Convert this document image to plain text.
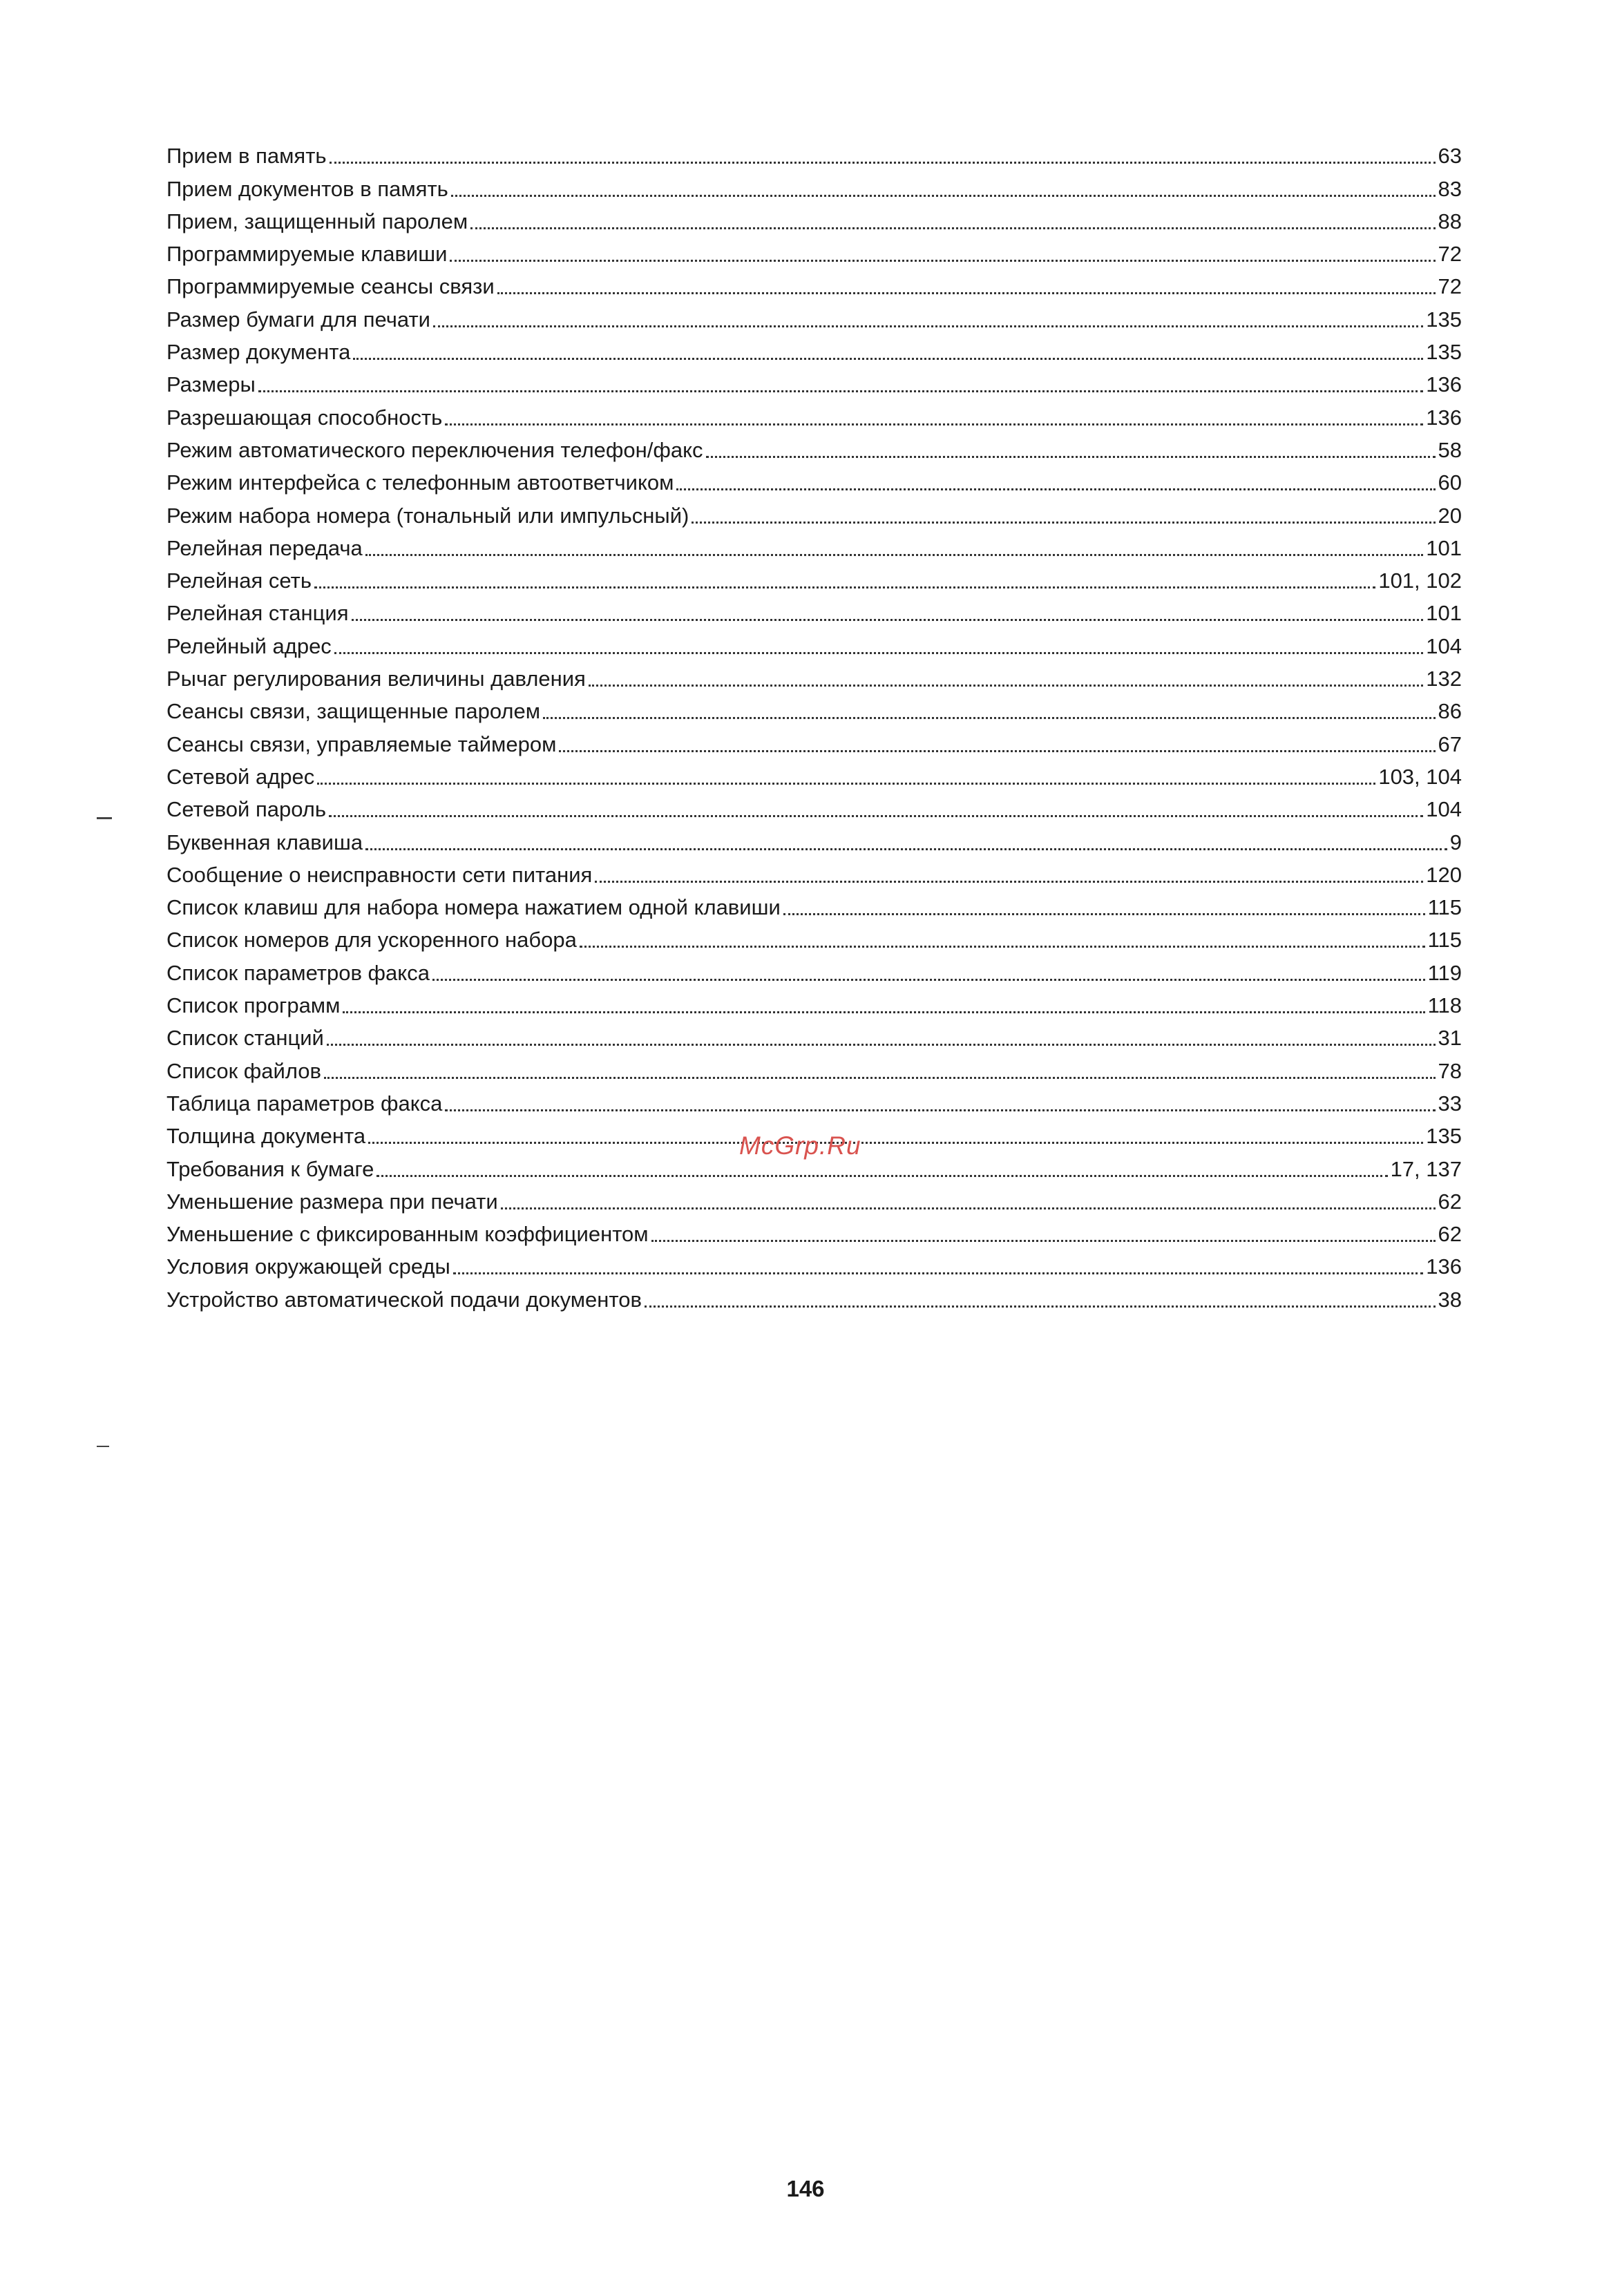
Прием в память	63
Прием документов в память	83
Прием, защищенный паролем	88
Программируемые клавиши	72
Программируемые сеансы связи	72
Размер бумаги для печати	135
Размер документа	135
Размеры	136
Разрешающая способность	136
Режим автоматического переключения телефон/факс	58
Режим интерфейса с телефонным автоответчиком	60
Режим набора номера (тональный или импульсный)	20
Релейная передача	101
Релейная сеть	101, 102
Релейная станция	101
Релейный адрес	104
Рычаг регулирования величины давления	132
Сеансы связи, защищенные паролем	86
Сеансы связи, управляемые таймером	67
Сетевой адрес	103, 104
Сетевой пароль	104
Буквенная клавиша	9
Сообщение о неисправности сети питания	120
Список клавиш для набора номера нажатием одной клавиши	115
Список номеров для ускоренного набора	115
Список параметров факса	119
Список программ	118
Список станций	31
Список файлов	78
Таблица параметров факса	33
Толщина документа	135
Требования к бумаге	17, 137
Уменьшение размера при печати	62
Уменьшение с фиксированным коэффициентом	62
Условия окружающей среды	136
Устройство автоматической подачи документов	38
McGrp.Ru
146
